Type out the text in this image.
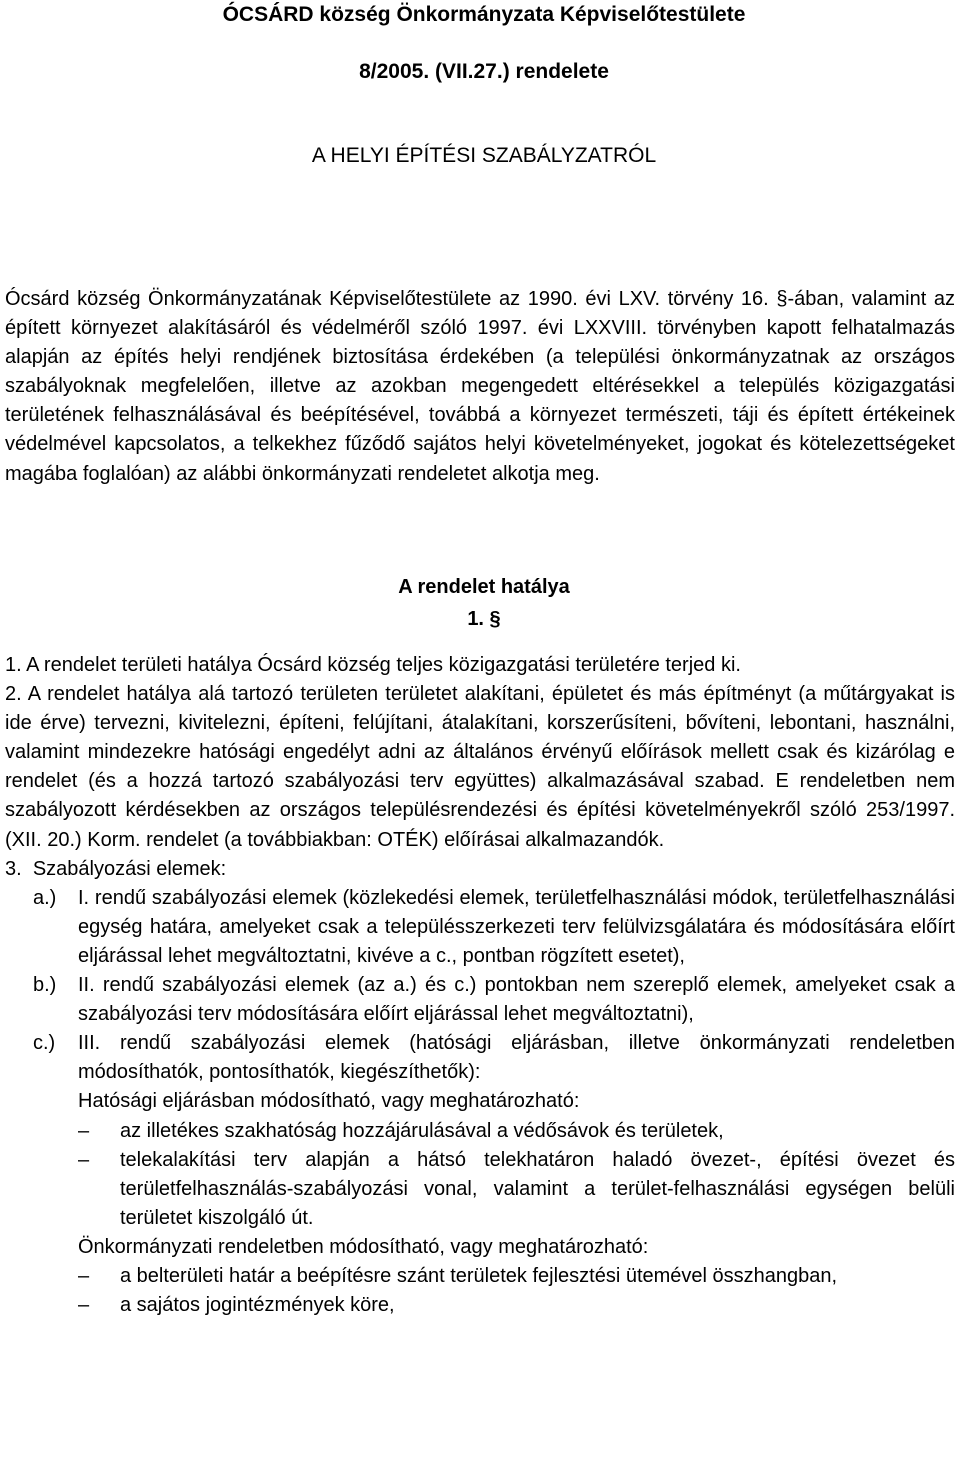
ÓCSÁRD község Önkormányzata Képviselőtestülete
8/2005. (VII.27.) rendelete
A HELYI ÉPÍTÉSI SZABÁLYZATRÓL

Ócsárd község Önkormányzatának Képviselőtestülete az 1990. évi LXV. törvény 16. §-ában, valamint az épített környezet alakításáról és védelméről szóló 1997. évi LXXVIII. törvényben kapott felhatalmazás alapján az építés helyi rendjének biztosítása érdekében (a települési önkormányzatnak az országos szabályoknak megfelelően, illetve az azokban megengedett eltérésekkel a település közigazgatási területének felhasználásával és beépítésével, továbbá a környezet természeti, táji és épített értékeinek védelmével kapcsolatos, a telkekhez fűződő sajátos helyi követelményeket, jogokat és kötelezettségeket magába foglalóan) az alábbi önkormányzati rendeletet alkotja meg.

A rendelet hatálya
1. §

1. A rendelet területi hatálya Ócsárd község teljes közigazgatási területére terjed ki.

2. A rendelet hatálya alá tartozó területen területet alakítani, épületet és más építményt (a műtárgyakat is ide érve) tervezni, kivitelezni, építeni, felújítani, átalakítani, korszerűsíteni, bővíteni, lebontani, használni, valamint mindezekre hatósági engedélyt adni az általános érvényű előírások mellett csak és kizárólag e rendelet (és a hozzá tartozó szabályozási terv együttes) alkalmazásával szabad. E rendeletben nem szabályozott kérdésekben az országos településrendezési és építési követelményekről szóló 253/1997. (XII. 20.) Korm. rendelet (a továbbiakban: OTÉK) előírásai alkalmazandók.

3. Szabályozási elemek:

a.)	I. rendű szabályozási elemek (közlekedési elemek, területfelhasználási módok, területfelhasználási egység határa, amelyeket csak a településszerkezeti terv felülvizsgálatára és módosítására előírt eljárással lehet megváltoztatni, kivéve a c., pontban rögzített esetet),

b.)	II. rendű szabályozási elemek (az a.) és c.) pontokban nem szereplő elemek, amelyeket csak a szabályozási terv módosítására előírt eljárással lehet megváltoztatni),

c.)	III. rendű szabályozási elemek (hatósági eljárásban, illetve önkormányzati rendeletben módosíthatók, pontosíthatók, kiegészíthetők):

Hatósági eljárásban módosítható, vagy meghatározható:

–	az illetékes szakhatóság hozzájárulásával a védősávok és területek,

–	telekalakítási terv alapján a hátsó telekhatáron haladó övezet-, építési övezet és területfelhasználás-szabályozási vonal, valamint a terület-felhasználási egységen belüli területet kiszolgáló út.

Önkormányzati rendeletben módosítható, vagy meghatározható:

–	a belterületi határ a beépítésre szánt területek fejlesztési ütemével összhangban,

–	a sajátos jogintézmények köre,
